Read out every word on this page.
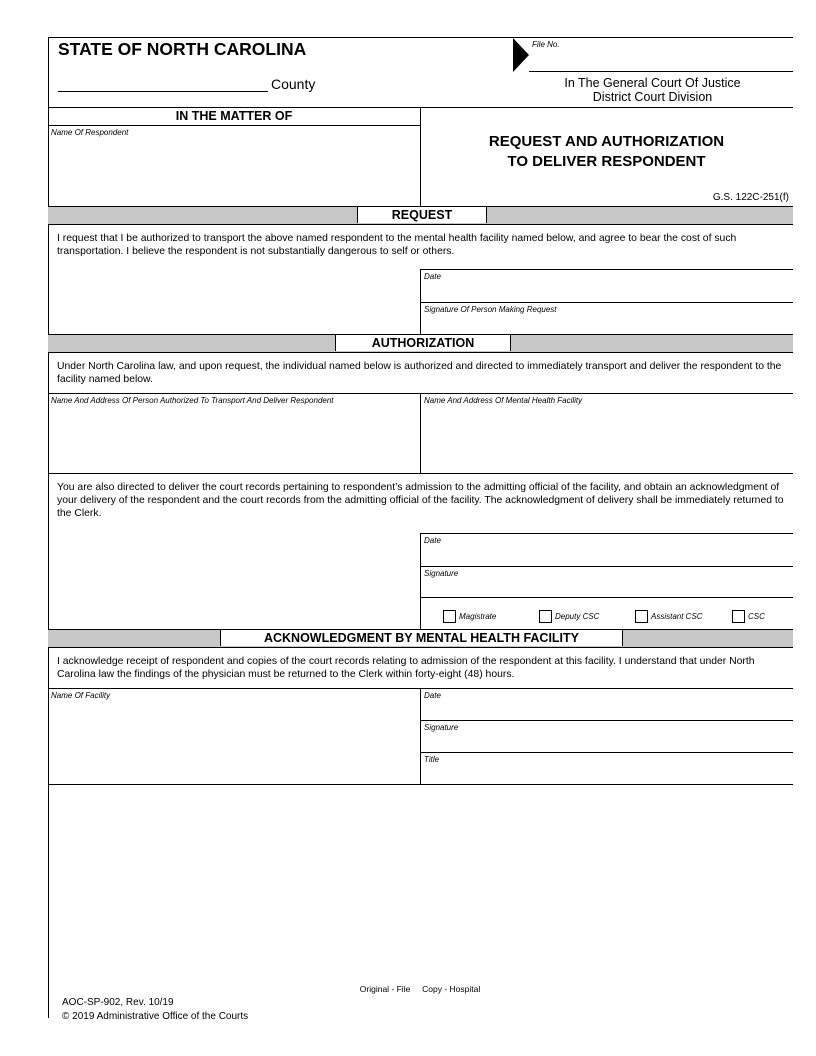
STATE OF NORTH CAROLINA
County
File No.
In The General Court Of Justice
District Court Division
IN THE MATTER OF
Name Of Respondent
REQUEST AND AUTHORIZATION
TO DELIVER RESPONDENT
G.S. 122C-251(f)
REQUEST
I request that I be authorized to transport the above named respondent to the mental health facility named below, and agree to bear the cost of such transportation. I believe the respondent is not substantially dangerous to self or others.
Date
Signature Of Person Making Request
AUTHORIZATION
Under North Carolina law, and upon request, the individual named below is authorized and directed to immediately transport and deliver the respondent to the facility named below.
Name And Address Of Person Authorized To Transport And Deliver Respondent	Name And Address Of Mental Health Facility
You are also directed to deliver the court records pertaining to respondent’s admission to the admitting official of the facility, and obtain an acknowledgment of your delivery of the respondent and the court records from the admitting official of the facility. The acknowledgment of delivery shall be immediately returned to the Clerk.
Date
Signature
Magistrate	Deputy CSC	Assistant CSC	CSC
ACKNOWLEDGMENT BY MENTAL HEALTH FACILITY
I acknowledge receipt of respondent and copies of the court records relating to admission of the respondent at this facility. I understand that under North Carolina law the findings of the physician must be returned to the Clerk within forty-eight (48) hours.
Name Of Facility	Date
Signature
Title
Original - File     Copy - Hospital
AOC-SP-902, Rev. 10/19
© 2019 Administrative Office of the Courts
